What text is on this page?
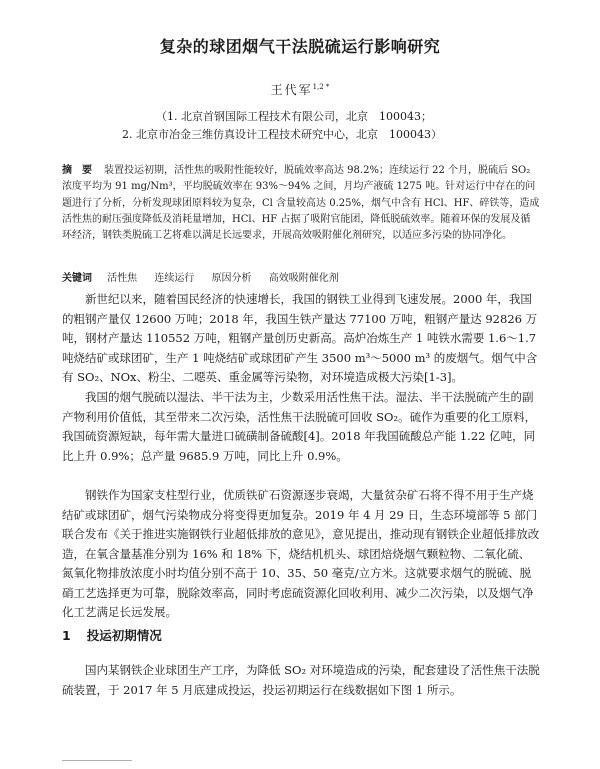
复杂的球团烟气干法脱硫运行影响研究
王代军$^{1,2 *}$
（1. 北京首钢国际工程技术有限公司，北京　100043；
2. 北京市冶金三维仿真设计工程技术研究中心，北京　100043）
摘　要 装置投运初期，活性焦的吸附性能较好，脱硫效率高达 98.2%；连续运行 22 个月，脱硫后 SO₂ 浓度平均为 91 mg/Nm³，平均脱硫效率在 93%～94% 之间，月均产液硫 1275 吨。针对运行中存在的问题进行了分析，分析发现球团原料较为复杂，Cl 含量较高达 0.25%，烟气中含有 HCl、HF、碎铁等，造成活性焦的耐压强度降低及消耗量增加，HCl、HF 占据了吸附官能团，降低脱硫效率。随着环保的发展及循环经济，钢铁类脱硫工艺将难以满足长远要求，开展高效吸附催化剂研究，以适应多污染的协同净化。
关键词 活性焦 连续运行 原因分析 高效吸附催化剂

新世纪以来，随着国民经济的快速增长，我国的钢铁工业得到飞速发展。2000 年，我国的粗钢产量仅 12600 万吨；2018 年，我国生铁产量达 77100 万吨，粗钢产量达 92826 万吨，钢材产量达 110552 万吨，粗钢产量创历史新高。高炉冶炼生产 1 吨铁水需要 1.6～1.7 吨烧结矿或球团矿，生产 1 吨烧结矿或球团矿产生 3500 m³～5000 m³ 的废烟气。烟气中含有 SO₂、NOx、粉尘、二噁英、重金属等污染物，对环境造成极大污染[1-3]。

我国的烟气脱硫以湿法、半干法为主，少数采用活性焦干法。湿法、半干法脱硫产生的副产物利用价值低，其至带来二次污染，活性焦干法脱硫可回收 SO₂。硫作为重要的化工原料，我国硫资源短缺，每年需大量进口硫磺制备硫酸[4]。2018 年我国硫酸总产能 1.22 亿吨，同比上升 0.9%；总产量 9685.9 万吨，同比上升 0.9%。

钢铁作为国家支柱型行业，优质铁矿石资源逐步衰竭，大量贫杂矿石将不得不用于生产烧结矿或球团矿，烟气污染物成分将变得更加复杂。2019 年 4 月 29 日，生态环境部等 5 部门联合发布《关于推进实施钢铁行业超低排放的意见》，意见提出，推动现有钢铁企业超低排放改造，在氧含量基准分别为 16% 和 18% 下，烧结机机头、球团焙烧烟气颗粒物、二氧化硫、氮氧化物排放浓度小时均值分别不高于 10、35、50 毫克/立方米。这就要求烟气的脱硫、脱硝工艺选择更为可靠，脱除效率高，同时考虑硫资源化回收利用、减少二次污染，以及烟气净化工艺满足长远发展。

1 投运初期情况

国内某钢铁企业球团生产工序，为降低 SO₂ 对环境造成的污染，配套建设了活性焦干法脱硫装置，于 2017 年 5 月底建成投运，投运初期运行在线数据如下图 1 所示。
